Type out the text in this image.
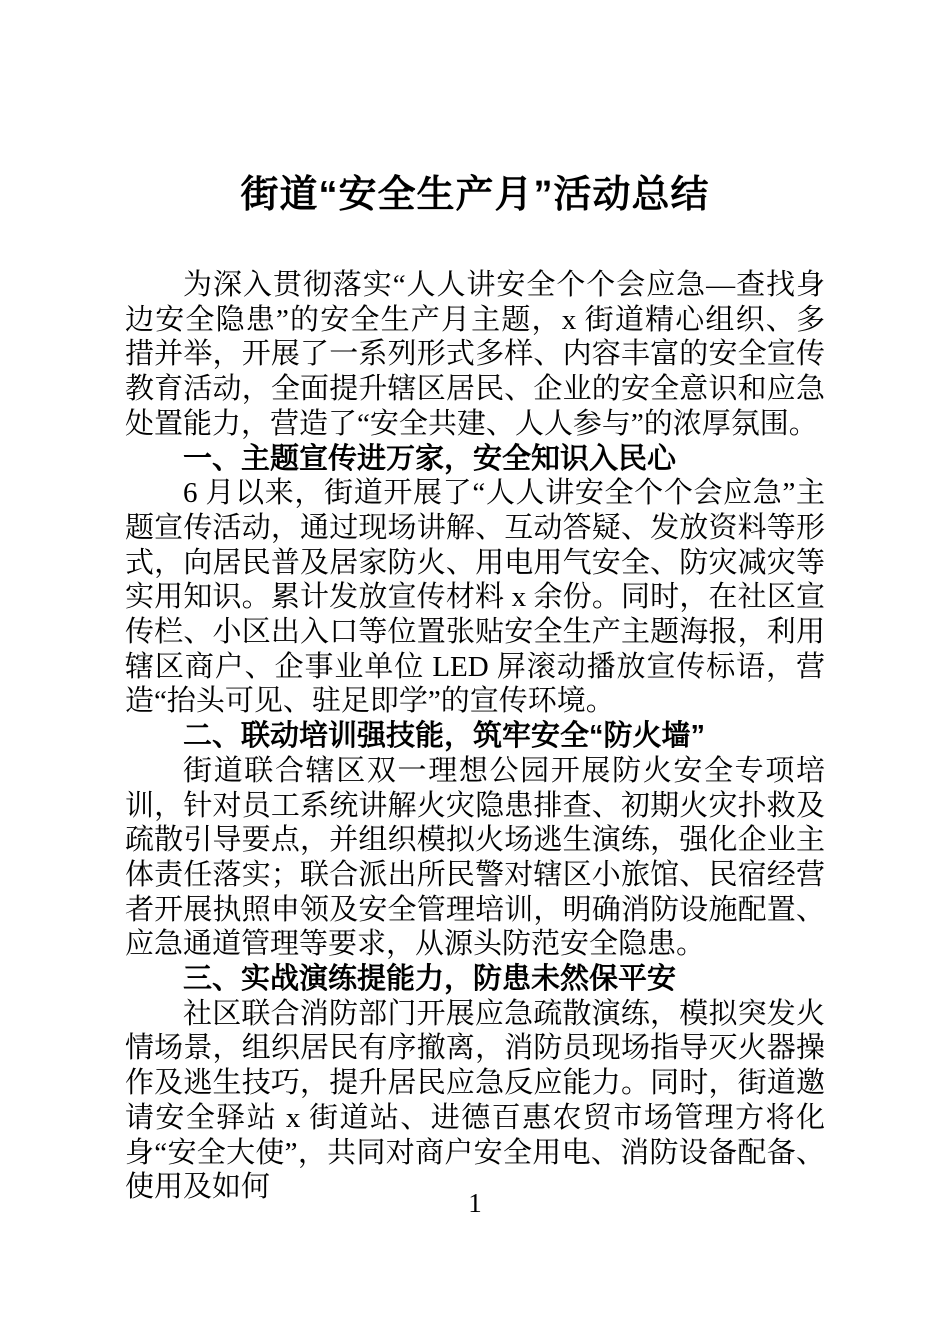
街道“安全生产月”活动总结

为深入贯彻落实“人人讲安全个个会应急—查找身边安全隐患”的安全生产月主题，x 街道精心组织、多措并举，开展了一系列形式多样、内容丰富的安全宣传教育活动，全面提升辖区居民、企业的安全意识和应急处置能力，营造了“安全共建、人人参与”的浓厚氛围。

一、主题宣传进万家，安全知识入民心

6 月以来，街道开展了“人人讲安全个个会应急”主题宣传活动，通过现场讲解、互动答疑、发放资料等形式，向居民普及居家防火、用电用气安全、防灾减灾等实用知识。累计发放宣传材料 x 余份。同时，在社区宣传栏、小区出入口等位置张贴安全生产主题海报，利用辖区商户、企事业单位 LED 屏滚动播放宣传标语，营造“抬头可见、驻足即学”的宣传环境。

二、联动培训强技能，筑牢安全“防火墙”

街道联合辖区双一理想公园开展防火安全专项培训，针对员工系统讲解火灾隐患排查、初期火灾扑救及疏散引导要点，并组织模拟火场逃生演练，强化企业主体责任落实；联合派出所民警对辖区小旅馆、民宿经营者开展执照申领及安全管理培训，明确消防设施配置、应急通道管理等要求，从源头防范安全隐患。

三、实战演练提能力，防患未然保平安

社区联合消防部门开展应急疏散演练，模拟突发火情场景，组织居民有序撤离，消防员现场指导灭火器操作及逃生技巧，提升居民应急反应能力。同时，街道邀请安全驿站 x 街道站、进德百惠农贸市场管理方将化身“安全大使”，共同对商户安全用电、消防设备配备、使用及如何	1
